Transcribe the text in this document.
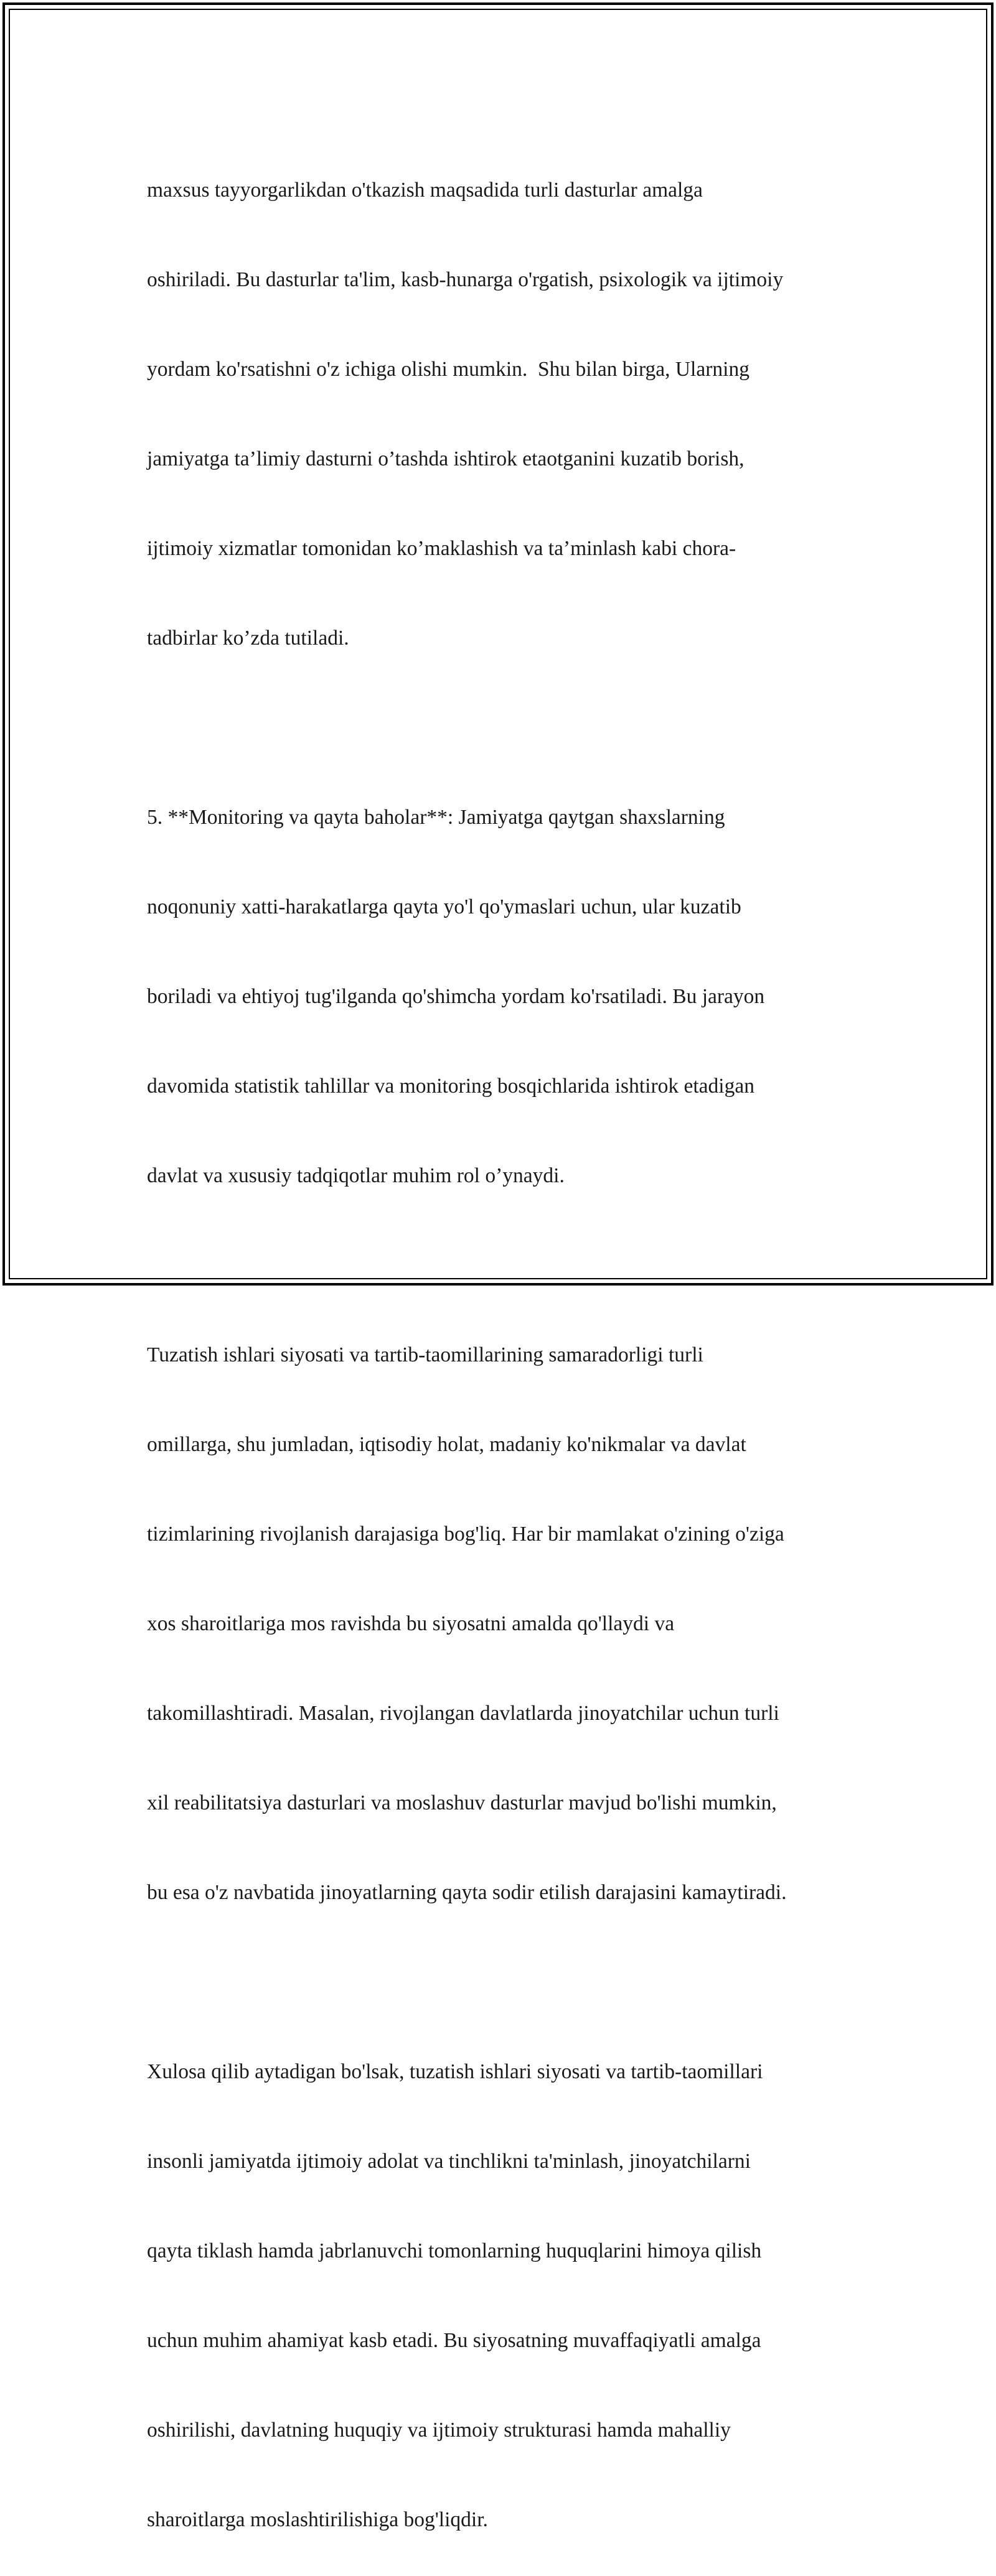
maxsus tayyorgarlikdan o'tkazish maqsadida turli dasturlar amalga

oshiriladi. Bu dasturlar ta'lim, kasb-hunarga o'rgatish, psixologik va ijtimoiy

yordam ko'rsatishni o'z ichiga olishi mumkin.  Shu bilan birga, Ularning

jamiyatga ta’limiy dasturni o’tashda ishtirok etaotganini kuzatib borish,

ijtimoiy xizmatlar tomonidan ko’maklashish va ta’minlash kabi chora-

tadbirlar ko’zda tutiladi.

5. **Monitoring va qayta baholar**: Jamiyatga qaytgan shaxslarning

noqonuniy xatti-harakatlarga qayta yo'l qo'ymaslari uchun, ular kuzatib

boriladi va ehtiyoj tug'ilganda qo'shimcha yordam ko'rsatiladi. Bu jarayon

davomida statistik tahlillar va monitoring bosqichlarida ishtirok etadigan

davlat va xususiy tadqiqotlar muhim rol o’ynaydi.

Tuzatish ishlari siyosati va tartib-taomillarining samaradorligi turli

omillarga, shu jumladan, iqtisodiy holat, madaniy ko'nikmalar va davlat

tizimlarining rivojlanish darajasiga bog'liq. Har bir mamlakat o'zining o'ziga

xos sharoitlariga mos ravishda bu siyosatni amalda qo'llaydi va

takomillashtiradi. Masalan, rivojlangan davlatlarda jinoyatchilar uchun turli

xil reabilitatsiya dasturlari va moslashuv dasturlar mavjud bo'lishi mumkin,

bu esa o'z navbatida jinoyatlarning qayta sodir etilish darajasini kamaytiradi.

Xulosa qilib aytadigan bo'lsak, tuzatish ishlari siyosati va tartib-taomillari

insonli jamiyatda ijtimoiy adolat va tinchlikni ta'minlash, jinoyatchilarni

qayta tiklash hamda jabrlanuvchi tomonlarning huquqlarini himoya qilish

uchun muhim ahamiyat kasb etadi. Bu siyosatning muvaffaqiyatli amalga

oshirilishi, davlatning huquqiy va ijtimoiy strukturasi hamda mahalliy

sharoitlarga moslashtirilishiga bog'liqdir.
